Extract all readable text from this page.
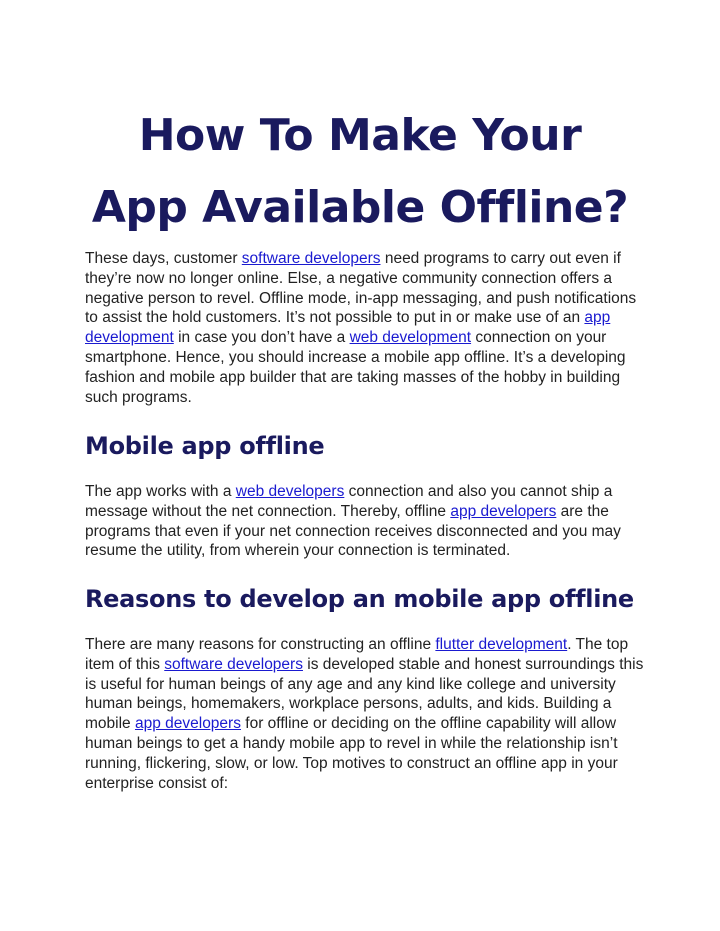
How To Make Your
App Available Offline?

These days, customer software developers need programs to carry out even if they’re now no longer online. Else, a negative community connection offers a negative person to revel. Offline mode, in-app messaging, and push notifications to assist the hold customers. It’s not possible to put in or make use of an app development in case you don’t have a web development connection on your smartphone. Hence, you should increase a mobile app offline. It’s a developing fashion and mobile app builder that are taking masses of the hobby in building such programs.

Mobile app offline

The app works with a web developers connection and also you cannot ship a message without the net connection. Thereby, offline app developers are the programs that even if your net connection receives disconnected and you may resume the utility, from wherein your connection is terminated.

Reasons to develop an mobile app offline

There are many reasons for constructing an offline flutter development. The top item of this software developers is developed stable and honest surroundings this is useful for human beings of any age and any kind like college and university human beings, homemakers, workplace persons, adults, and kids. Building a mobile app developers for offline or deciding on the offline capability will allow human beings to get a handy mobile app to revel in while the relationship isn’t running, flickering, slow, or low. Top motives to construct an offline app in your enterprise consist of:
